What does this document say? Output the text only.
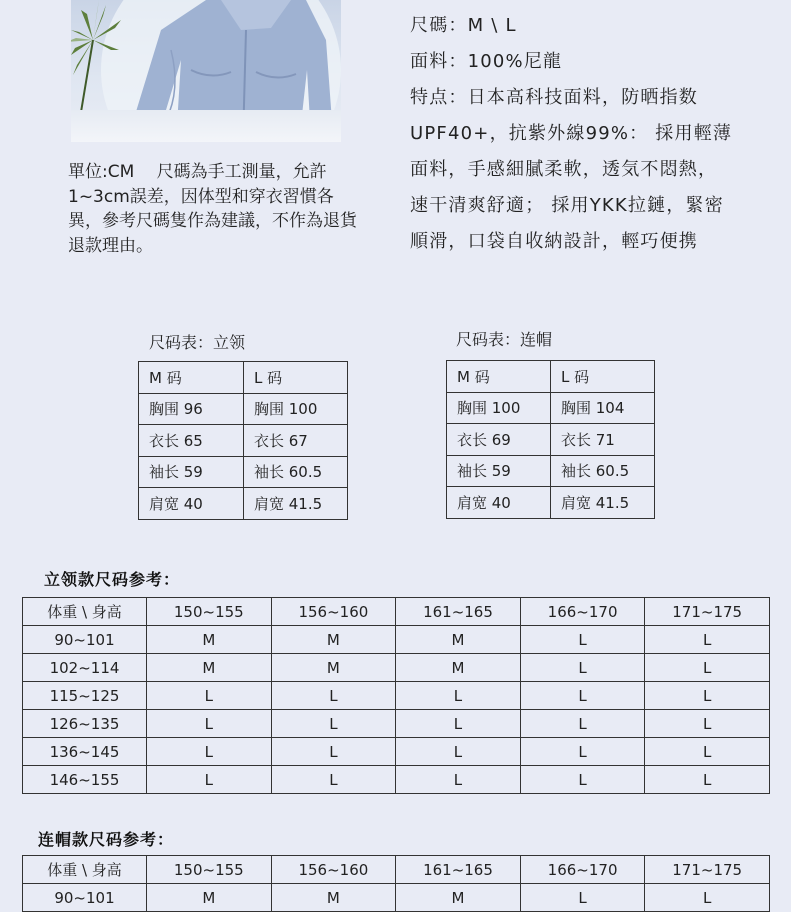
單位:CM　 尺碼為手工測量，允許1~3cm誤差，因体型和穿衣習慣各異，參考尺碼隻作為建議，不作為退貨退款理由。

尺碼：M \ L

面料：100%尼龍

特点：日本高科技面料，防晒指数

UPF40+，抗紫外線99%： 採用輕薄

面料，手感細膩柔軟，透気不悶熱，

速干清爽舒適； 採用YKK拉鏈，緊密

順滑，口袋自收納設計，輕巧便携

尺码表：立领
M 码	L 码
胸围 96	胸围 100
衣长 65	衣长 67
袖长 59	袖长 60.5
肩宽 40	肩宽 41.5
尺码表：连帽
M 码	L 码
胸围 100	胸围 104
衣长 69	衣长 71
袖长 59	袖长 60.5
肩宽 40	肩宽 41.5
立领款尺码参考：
体重 \ 身高	150~155	156~160	161~165	166~170	171~175
90~101	M	M	M	L	L
102~114	M	M	M	L	L
115~125	L	L	L	L	L
126~135	L	L	L	L	L
136~145	L	L	L	L	L
146~155	L	L	L	L	L
连帽款尺码参考：
体重 \ 身高	150~155	156~160	161~165	166~170	171~175
90~101	M	M	M	L	L
